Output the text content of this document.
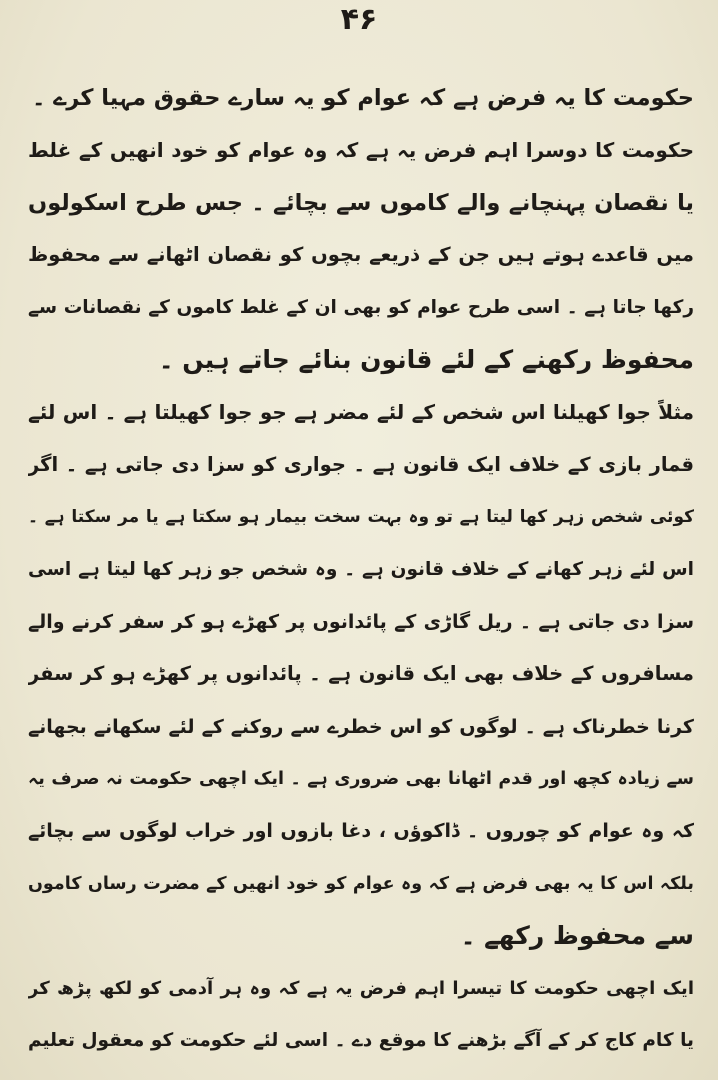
۴۶
حکومت کا یہ فرض ہے کہ عوام کو یہ سارے حقوق مہیا کرے ۔
حکومت کا دوسرا اہم فرض یہ ہے کہ وہ عوام کو خود انھیں کے غلط
یا نقصان پہنچانے والے کاموں سے بچائے ۔ جس طرح اسکولوں
میں قاعدے ہوتے ہیں جن کے ذریعے بچوں کو نقصان اٹھانے سے محفوظ
رکھا جاتا ہے ۔ اسی طرح عوام کو بھی ان کے غلط کاموں کے نقصانات سے
محفوظ رکھنے کے لئے قانون بنائے جاتے ہیں ۔
مثلاً جوا کھیلنا اس شخص کے لئے مضر ہے جو جوا کھیلتا ہے ۔ اس لئے
قمار بازی کے خلاف ایک قانون ہے ۔ جواری کو سزا دی جاتی ہے ۔ اگر
کوئی شخص زہر کھا لیتا ہے تو وہ بہت سخت بیمار ہو سکتا ہے یا مر سکتا ہے ۔
اس لئے زہر کھانے کے خلاف قانون ہے ۔ وہ شخص جو زہر کھا لیتا ہے اسی
سزا دی جاتی ہے ۔ ریل گاڑی کے پائدانوں پر کھڑے ہو کر سفر کرنے والے
مسافروں کے خلاف بھی ایک قانون ہے ۔ پائدانوں پر کھڑے ہو کر سفر
کرنا خطرناک ہے ۔ لوگوں کو اس خطرے سے روکنے کے لئے سکھانے بجھانے
سے زیادہ کچھ اور قدم اٹھانا بھی ضروری ہے ۔ ایک اچھی حکومت نہ صرف یہ
کہ وہ عوام کو چوروں ۔ ڈاکوؤں ، دغا بازوں اور خراب لوگوں سے بچائے
بلکہ اس کا یہ بھی فرض ہے کہ وہ عوام کو خود انھیں کے مضرت رساں کاموں
سے محفوظ رکھے ۔
ایک اچھی حکومت کا تیسرا اہم فرض یہ ہے کہ وہ ہر آدمی کو لکھ پڑھ کر
یا کام کاج کر کے آگے بڑھنے کا موقع دے ۔ اسی لئے حکومت کو معقول تعلیم
